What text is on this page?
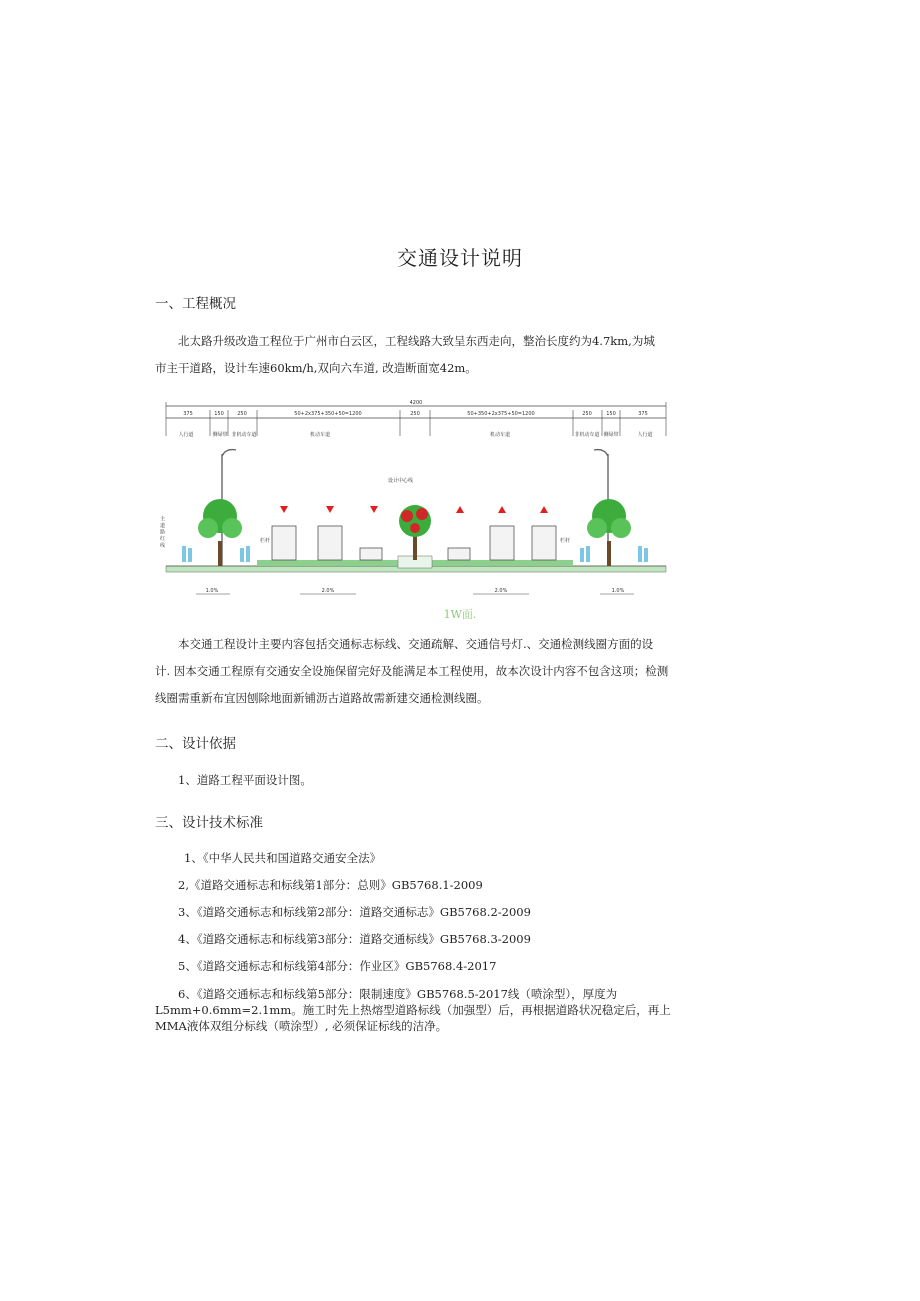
交通设计说明
一、工程概况
北太路升级改造工程位于广州市白云区，工程线路大致呈东西走向，整治长度约为4.7km,为城
市主干道路，设计车速60km/h,双向六车道, 改造断面宽42m。
4200
375	150	250	50+2x375+350+50=1200	250	50+350+2x375+50=1200	250	150	375
人行道	侧绿带 非机动车道	机动车道	机动车道	非机动车道 侧绿带	人行道
主 道 路 红 线
设计中心线
栏杆	栏杆
1.0%	2.0%	2.0%	1.0%
1W面.
本交通工程设计主要内容包括交通标志标线、交通疏解、交通信号灯.、交通检测线圈方面的设
计. 因本交通工程原有交通安全设施保留完好及能满足本工程使用，故本次设计内容不包含这项；检测
线圈需重新布宜因刨除地面新铺沥古道路故需新建交通检测线圈。
二、设计依据
1、道路工程平面设计图。
三、设计技术标准
1、《中华人民共和国道路交通安全法》
2,《道路交通标志和标线第1部分：总则》GB5768.1-2009
3、《道路交通标志和标线第2部分：道路交通标志》GB5768.2-2009
4、《道路交通标志和标线第3部分：道路交通标线》GB5768.3-2009
5、《道路交通标志和标线第4部分：作业区》GB5768.4-2017
6、《道路交通标志和标线第5部分：限制速度》GB5768.5-2017线（喷涂型），厚度为
L5mm+0.6mm=2.1mm。施工时先上热熔型道路标线（加强型）后，再根据道路状况稳定后，再上
MMA液体双组分标线（喷涂型）, 必须保证标线的洁净。
